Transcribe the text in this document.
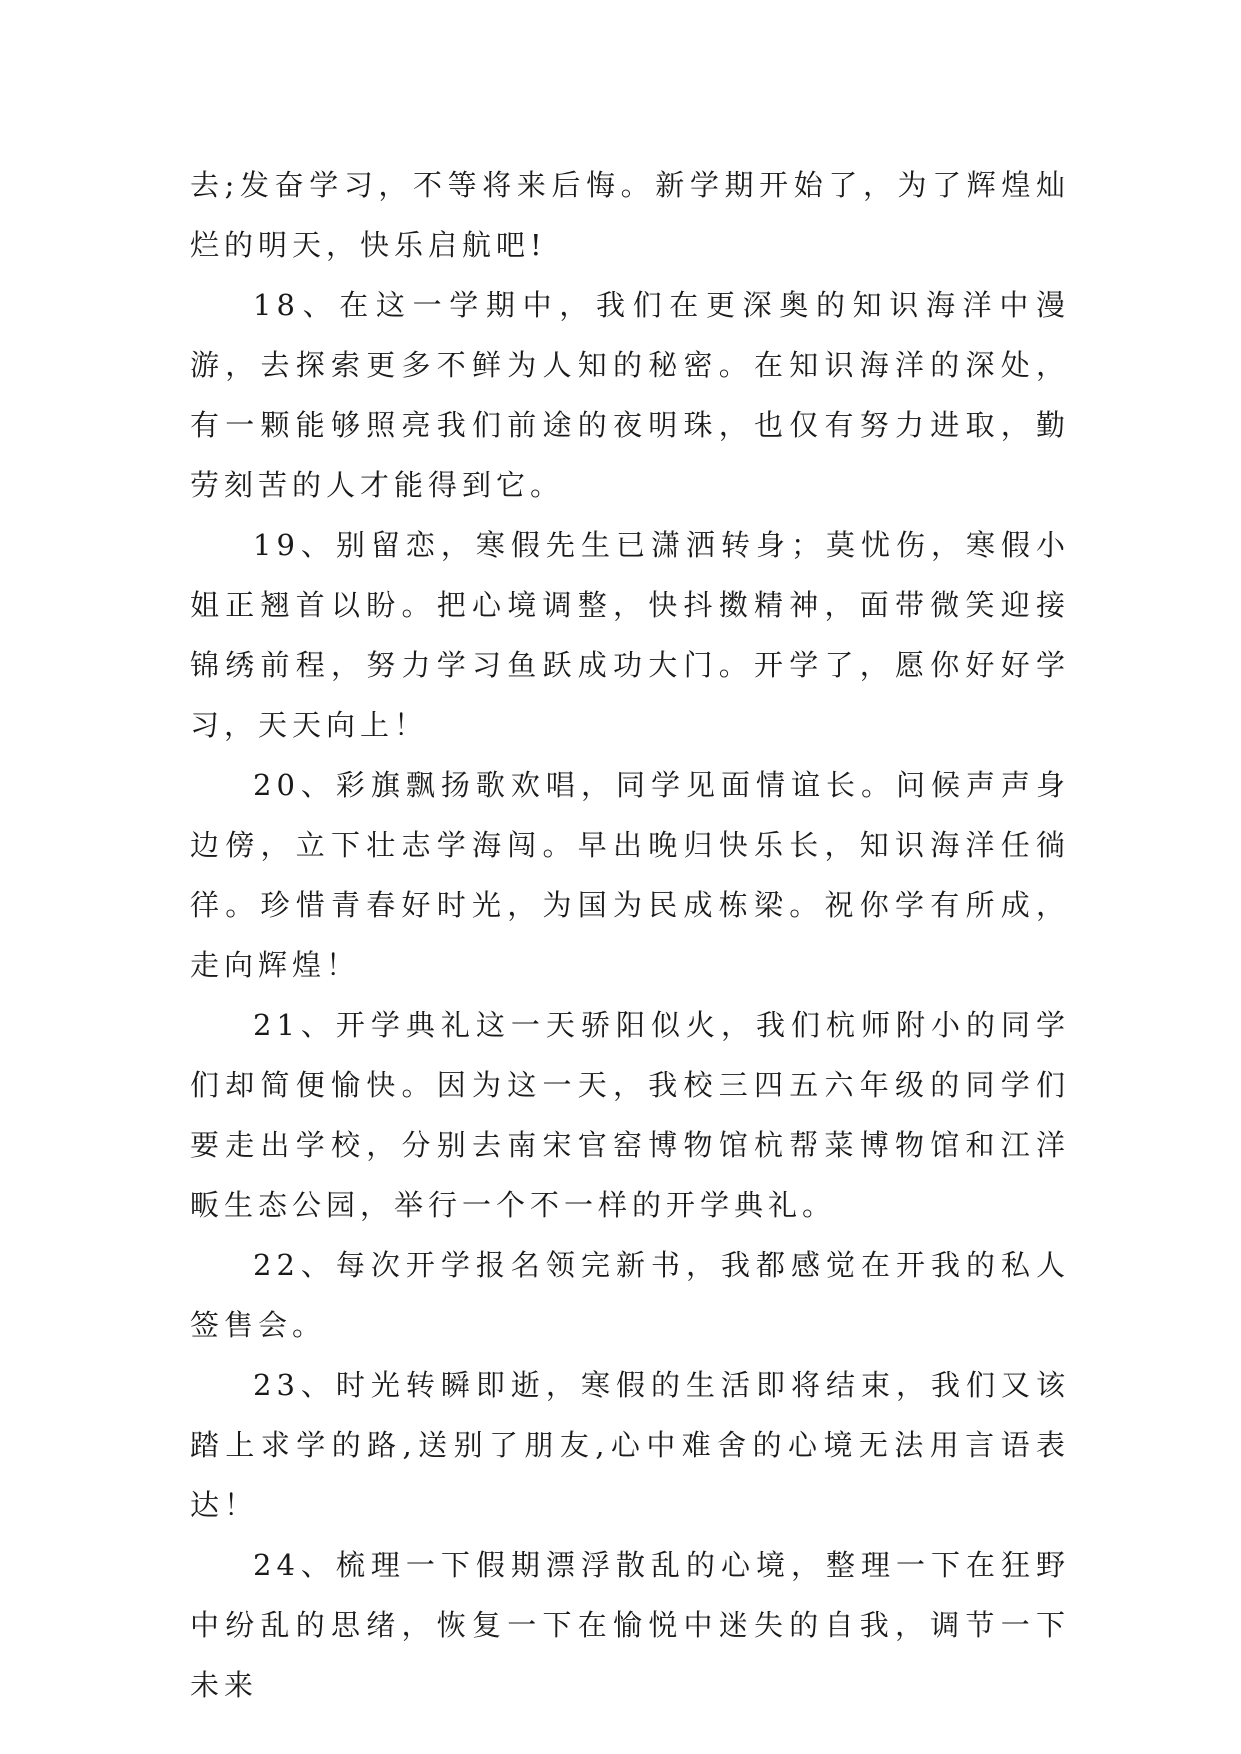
去;发奋学习，不等将来后悔。新学期开始了，为了辉煌灿烂的明天，快乐启航吧!

18、在这一学期中，我们在更深奥的知识海洋中漫游，去探索更多不鲜为人知的秘密。在知识海洋的深处，有一颗能够照亮我们前途的夜明珠，也仅有努力进取，勤劳刻苦的人才能得到它。

19、别留恋，寒假先生已潇洒转身；莫忧伤，寒假小姐正翘首以盼。把心境调整，快抖擞精神，面带微笑迎接锦绣前程，努力学习鱼跃成功大门。开学了，愿你好好学习，天天向上！

20、彩旗飘扬歌欢唱，同学见面情谊长。问候声声身边傍，立下壮志学海闯。早出晚归快乐长，知识海洋任徜徉。珍惜青春好时光，为国为民成栋梁。祝你学有所成，走向辉煌！

21、开学典礼这一天骄阳似火，我们杭师附小的同学们却简便愉快。因为这一天，我校三四五六年级的同学们要走出学校，分别去南宋官窑博物馆杭帮菜博物馆和江洋畈生态公园，举行一个不一样的开学典礼。

22、每次开学报名领完新书，我都感觉在开我的私人签售会。

23、时光转瞬即逝，寒假的生活即将结束，我们又该踏上求学的路,送别了朋友,心中难舍的心境无法用言语表达！

24、梳理一下假期漂浮散乱的心境，整理一下在狂野中纷乱的思绪，恢复一下在愉悦中迷失的自我，调节一下未来
